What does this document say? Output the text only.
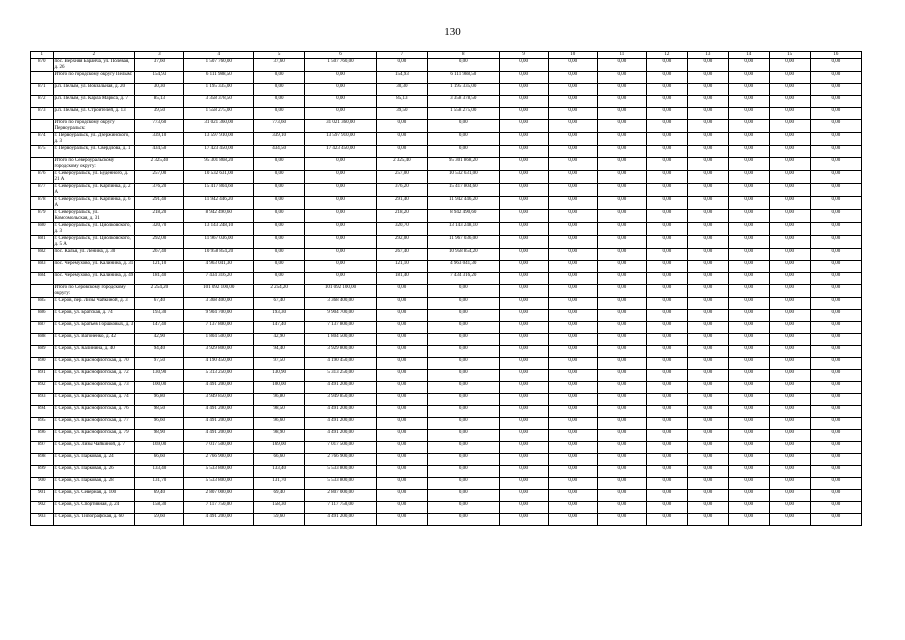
130
1	2	3	4	5	6	7	8	9	10	11	12	13	14	15	16
870	пос. Верхняя Баранча, ул. Полевая, д. 26	37,60	1 507 760,00	37,60	1 507 760,00	0,00	0,00	0,00	0,00	0,00	0,00	0,00	0,00	0,00	0,00
	Итого по городскому округу Пелым:	154,93	6 111 988,50	0,00	0,00	154,93	6 111 988,50	0,00	0,00	0,00	0,00	0,00	0,00	0,00	0,00
871	р.п. Пелым, ул. Вокзальная, д. 20	30,30	1 195 335,00	0,00	0,00	30,30	1 195 335,00	0,00	0,00	0,00	0,00	0,00	0,00	0,00	0,00
872	р.п. Пелым, ул. Карла Маркса, д. 7	85,13	3 358 378,50	0,00	0,00	85,13	3 358 378,50	0,00	0,00	0,00	0,00	0,00	0,00	0,00	0,00
873	р.п. Пелым, ул. Строителей, д. 13	39,50	1 558 275,00	0,00	0,00	39,50	1 558 275,00	0,00	0,00	0,00	0,00	0,00	0,00	0,00	0,00
	Итого по городскому округу Первоуральск:	773,60	31 021 360,00	773,60	31 021 360,00	0,00	0,00	0,00	0,00	0,00	0,00	0,00	0,00	0,00	0,00
874	г. Первоуральск, ул. Дзержинского, д. 3	339,10	13 597 910,00	339,10	13 597 910,00	0,00	0,00	0,00	0,00	0,00	0,00	0,00	0,00	0,00	0,00
875	г. Первоуральск, ул. Свердлова, д. 1	434,50	17 423 450,00	434,50	17 423 450,00	0,00	0,00	0,00	0,00	0,00	0,00	0,00	0,00	0,00	0,00
	Итого по Североуральскому городскому округу:	2 325,40	95 301 868,20	0,00	0,00	2 325,40	95 301 868,20	0,00	0,00	0,00	0,00	0,00	0,00	0,00	0,00
876	г. Североуральск, ул. Буденного, д. 21 А	257,00	10 532 631,00	0,00	0,00	257,00	10 532 631,00	0,00	0,00	0,00	0,00	0,00	0,00	0,00	0,00
877	г. Североуральск, ул. Карпинка, д. 2 А	376,20	15 417 804,60	0,00	0,00	376,20	15 417 804,60	0,00	0,00	0,00	0,00	0,00	0,00	0,00	0,00
878	г. Североуральск, ул. Карпинка, д. 6 А	291,40	11 942 446,20	0,00	0,00	291,40	11 942 446,20	0,00	0,00	0,00	0,00	0,00	0,00	0,00	0,00
879	г. Североуральск, ул. Комсомольская, д. 31	218,20	8 942 490,60	0,00	0,00	218,20	8 942 490,60	0,00	0,00	0,00	0,00	0,00	0,00	0,00	0,00
880	г. Североуральск, ул. Циолковского, д. 3	320,70	13 143 248,10	0,00	0,00	320,70	13 143 248,10	0,00	0,00	0,00	0,00	0,00	0,00	0,00	0,00
881	г. Североуральск, ул. Циолковского, д. 5 А	292,00	11 967 036,00	0,00	0,00	292,00	11 967 036,00	0,00	0,00	0,00	0,00	0,00	0,00	0,00	0,00
882	пос. Калья, ул. Ленина, д. 30	267,40	10 958 854,20	0,00	0,00	267,40	10 958 854,20	0,00	0,00	0,00	0,00	0,00	0,00	0,00	0,00
883	пос. Черемухово, ул. Калинина, д. 31	121,10	4 963 041,30	0,00	0,00	121,10	4 963 041,30	0,00	0,00	0,00	0,00	0,00	0,00	0,00	0,00
884	пос. Черемухово, ул. Калинина, д. 49	181,40	7 434 316,20	0,00	0,00	181,40	7 434 316,20	0,00	0,00	0,00	0,00	0,00	0,00	0,00	0,00
	Итого по Серовскому городскому округу:	2 254,20	101 092 100,00	2 254,20	101 092 100,00	0,00	0,00	0,00	0,00	0,00	0,00	0,00	0,00	0,00	0,00
885	г. Серов, пер. Лизы Чайкиной, д. 3	67,40	3 368 400,00	67,40	3 368 400,00	0,00	0,00	0,00	0,00	0,00	0,00	0,00	0,00	0,00	0,00
886	г. Серов, ул. Братская, д. 74	193,30	9 904 700,00	193,30	9 904 700,00	0,00	0,00	0,00	0,00	0,00	0,00	0,00	0,00	0,00	0,00
887	г. Серов, ул. Братьев Горшковых, д. 3	147,40	7 137 800,00	147,40	7 137 800,00	0,00	0,00	0,00	0,00	0,00	0,00	0,00	0,00	0,00	0,00
888	г. Серов, ул. Вагоненко, д. 42	42,90	1 804 500,00	42,90	1 804 500,00	0,00	0,00	0,00	0,00	0,00	0,00	0,00	0,00	0,00	0,00
889	г. Серов, ул. Калинина, д. 40	94,40	3 929 800,00	94,40	3 929 800,00	0,00	0,00	0,00	0,00	0,00	0,00	0,00	0,00	0,00	0,00
890	г. Серов, ул. Краснофлотская, д. 70	97,50	4 190 450,00	97,50	4 190 450,00	0,00	0,00	0,00	0,00	0,00	0,00	0,00	0,00	0,00	0,00
891	г. Серов, ул. Краснофлотская, д. 72	130,90	5 313 250,00	130,90	5 313 250,00	0,00	0,00	0,00	0,00	0,00	0,00	0,00	0,00	0,00	0,00
892	г. Серов, ул. Краснофлотская, д. 73	100,00	4 491 200,00	100,00	4 491 200,00	0,00	0,00	0,00	0,00	0,00	0,00	0,00	0,00	0,00	0,00
893	г. Серов, ул. Краснофлотская, д. 74	96,80	3 949 850,00	96,80	3 949 850,00	0,00	0,00	0,00	0,00	0,00	0,00	0,00	0,00	0,00	0,00
894	г. Серов, ул. Краснофлотская, д. 76	98,50	4 491 200,00	98,50	4 491 200,00	0,00	0,00	0,00	0,00	0,00	0,00	0,00	0,00	0,00	0,00
895	г. Серов, ул. Краснофлотская, д. 77	96,60	4 491 200,00	96,60	4 491 200,00	0,00	0,00	0,00	0,00	0,00	0,00	0,00	0,00	0,00	0,00
896	г. Серов, ул. Краснофлотская, д. 79	98,90	4 491 200,00	98,90	4 491 200,00	0,00	0,00	0,00	0,00	0,00	0,00	0,00	0,00	0,00	0,00
897	г. Серов, ул. Лизы Чайкиной, д. 7	169,00	7 017 500,00	169,00	7 017 500,00	0,00	0,00	0,00	0,00	0,00	0,00	0,00	0,00	0,00	0,00
898	г. Серов, ул. Парковая, д. 24	66,60	2 766 900,00	66,60	2 766 900,00	0,00	0,00	0,00	0,00	0,00	0,00	0,00	0,00	0,00	0,00
899	г. Серов, ул. Парковая, д. 26	133,40	5 533 800,00	133,40	5 533 800,00	0,00	0,00	0,00	0,00	0,00	0,00	0,00	0,00	0,00	0,00
900	г. Серов, ул. Парковая, д. 28	131,70	5 533 800,00	131,70	5 533 800,00	0,00	0,00	0,00	0,00	0,00	0,00	0,00	0,00	0,00	0,00
901	г. Серов, ул. Северная, д. 100	69,40	2 807 000,00	69,40	2 807 000,00	0,00	0,00	0,00	0,00	0,00	0,00	0,00	0,00	0,00	0,00
902	г. Серов, ул. Спортивная, д. 24	158,30	7 117 750,00	158,30	7 117 750,00	0,00	0,00	0,00	0,00	0,00	0,00	0,00	0,00	0,00	0,00
903	г. Серов, ул. Типографская, д. 60	59,60	4 491 200,00	59,60	4 491 200,00	0,00	0,00	0,00	0,00	0,00	0,00	0,00	0,00	0,00	0,00
